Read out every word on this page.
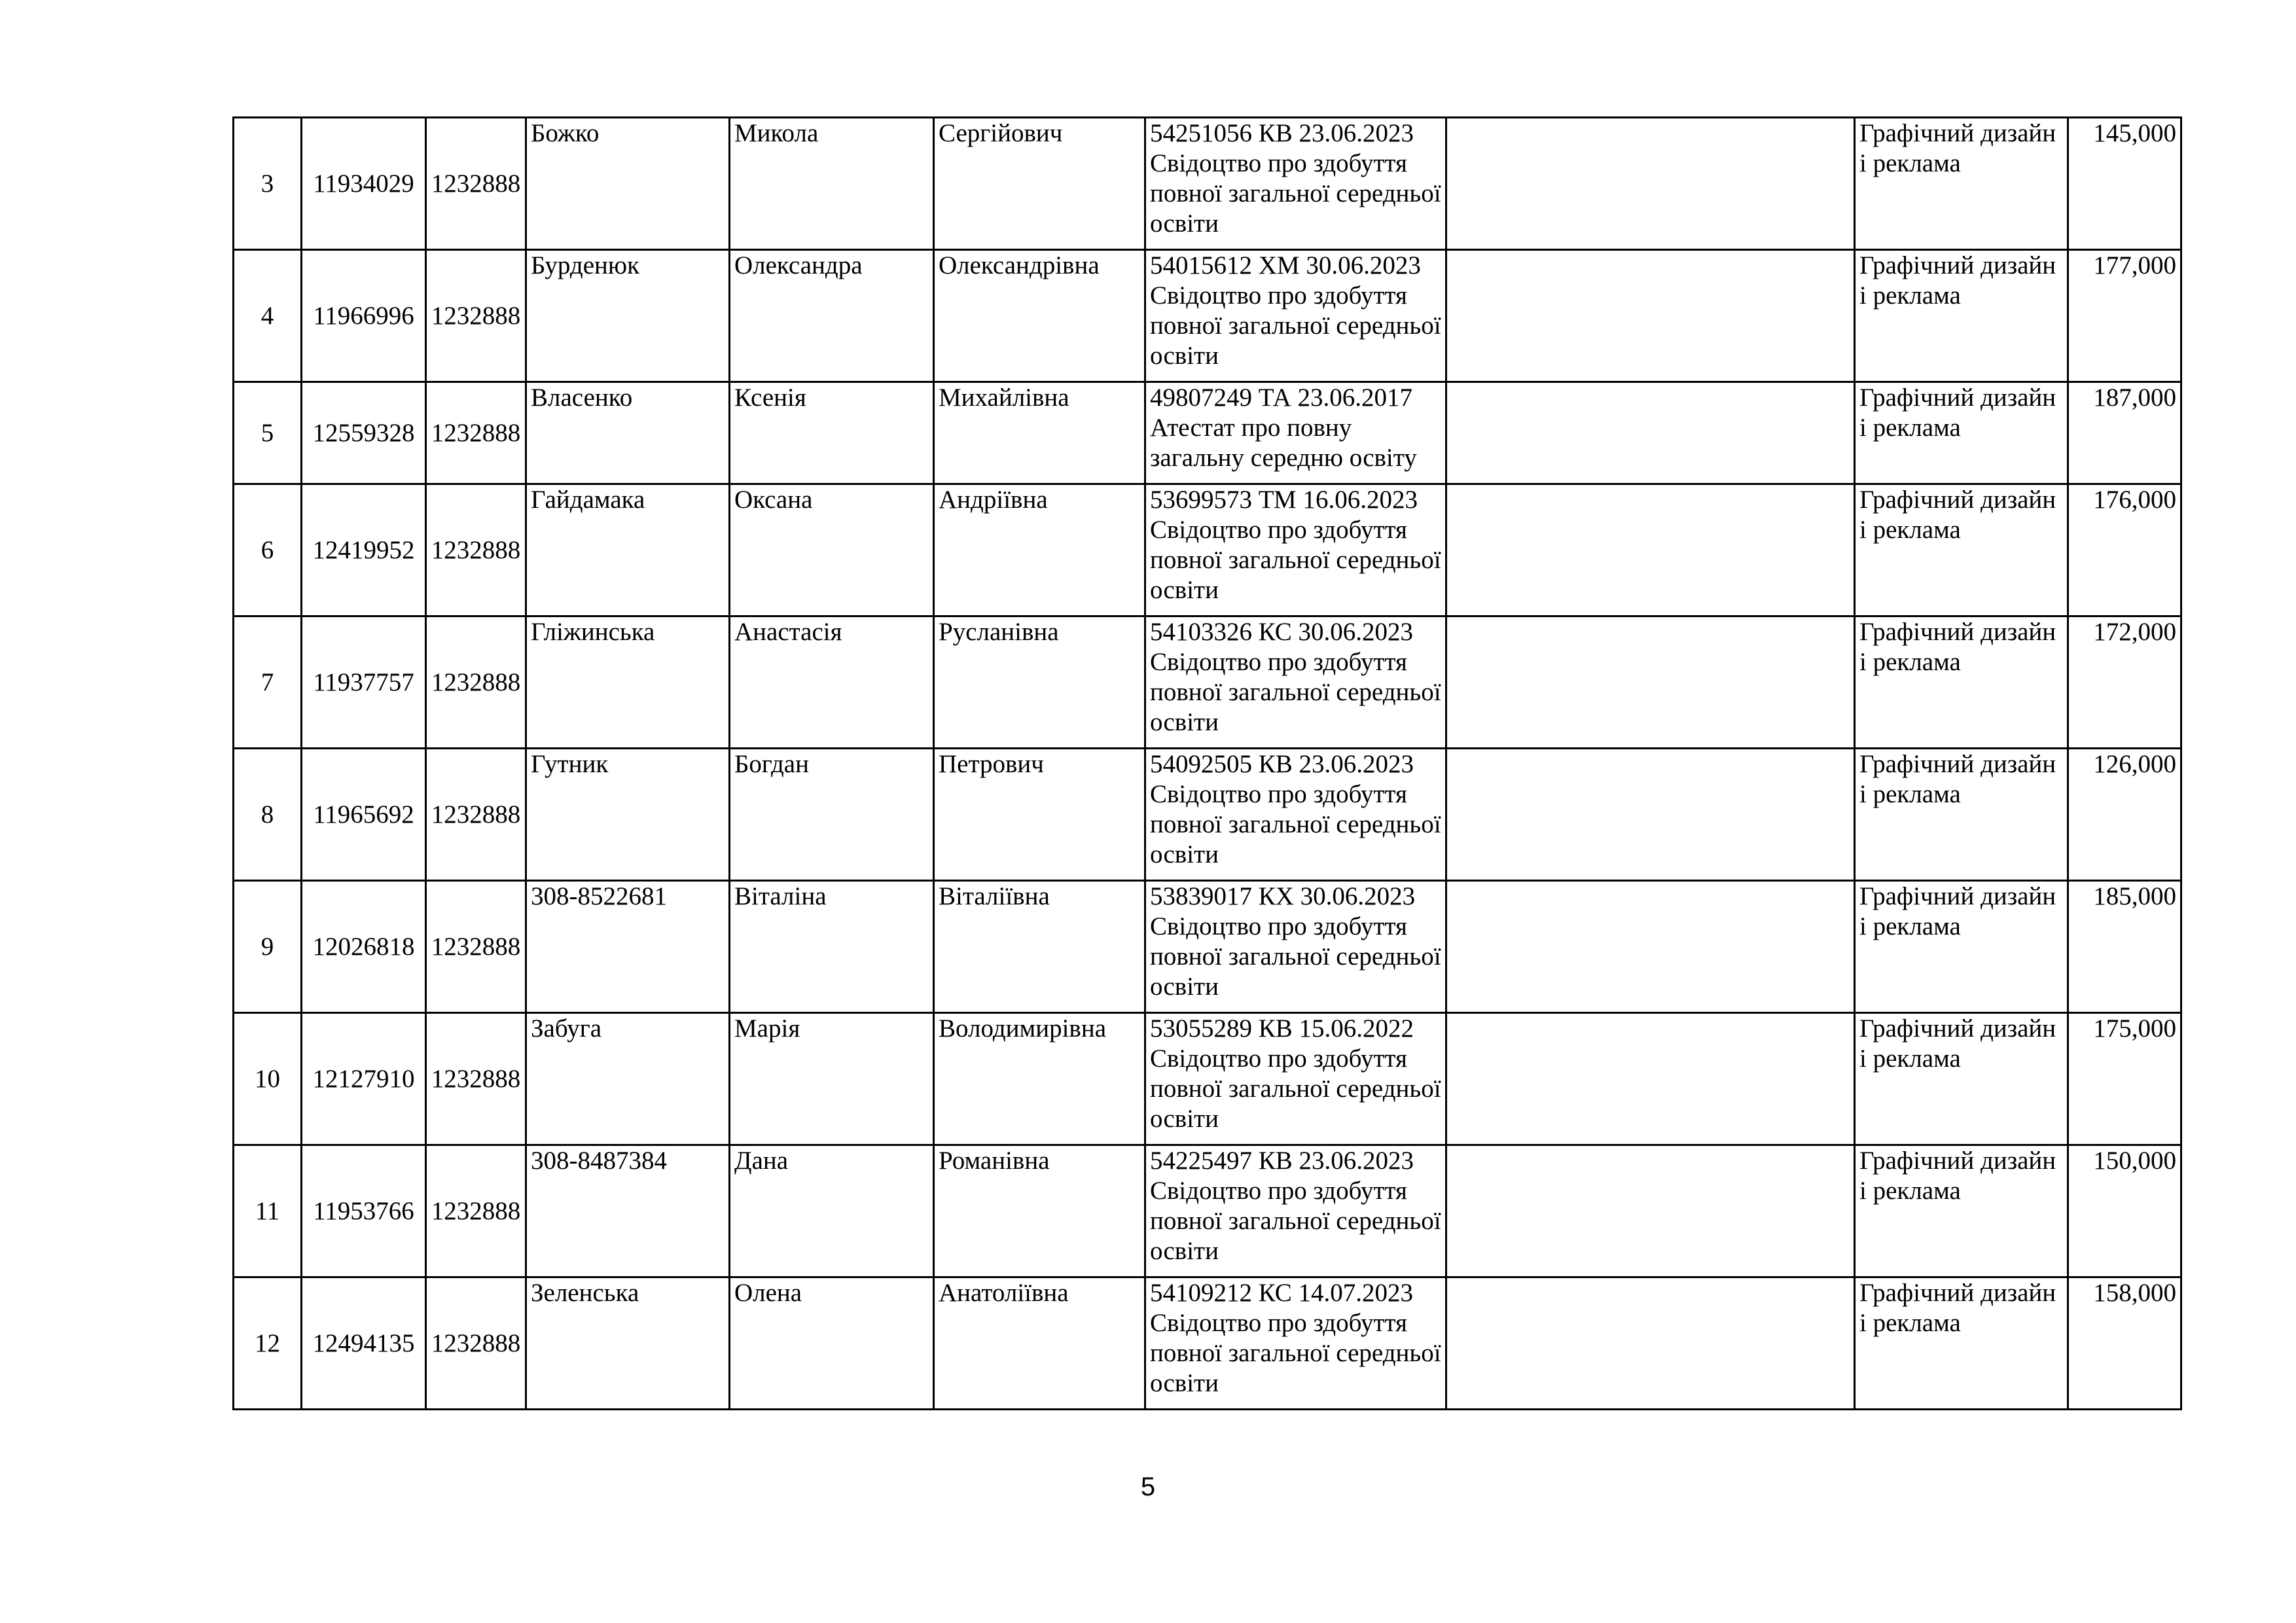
3	11934029	1232888	Божко	Микола	Сергійович	54251056 КВ 23.06.2023 Свідоцтво про здобуття повної загальної середньої освіти		Графічний дизайн і реклама	145,000
4	11966996	1232888	Бурденюк	Олександра	Олександрівна	54015612 ХМ 30.06.2023 Свідоцтво про здобуття повної загальної середньої освіти		Графічний дизайн і реклама	177,000
5	12559328	1232888	Власенко	Ксенія	Михайлівна	49807249 ТА 23.06.2017 Атестат про повну загальну середню освіту		Графічний дизайн і реклама	187,000
6	12419952	1232888	Гайдамака	Оксана	Андріївна	53699573 ТМ 16.06.2023 Свідоцтво про здобуття повної загальної середньої освіти		Графічний дизайн і реклама	176,000
7	11937757	1232888	Гліжинська	Анастасія	Русланівна	54103326 КС 30.06.2023 Свідоцтво про здобуття повної загальної середньої освіти		Графічний дизайн і реклама	172,000
8	11965692	1232888	Гутник	Богдан	Петрович	54092505 КВ 23.06.2023 Свідоцтво про здобуття повної загальної середньої освіти		Графічний дизайн і реклама	126,000
9	12026818	1232888	308-8522681	Віталіна	Віталіївна	53839017 КХ 30.06.2023 Свідоцтво про здобуття повної загальної середньої освіти		Графічний дизайн і реклама	185,000
10	12127910	1232888	Забуга	Марія	Володимирівна	53055289 КВ 15.06.2022 Свідоцтво про здобуття повної загальної середньої освіти		Графічний дизайн і реклама	175,000
11	11953766	1232888	308-8487384	Дана	Романівна	54225497 КВ 23.06.2023 Свідоцтво про здобуття повної загальної середньої освіти		Графічний дизайн і реклама	150,000
12	12494135	1232888	Зеленська	Олена	Анатоліївна	54109212 КС 14.07.2023 Свідоцтво про здобуття повної загальної середньої освіти		Графічний дизайн і реклама	158,000
5
